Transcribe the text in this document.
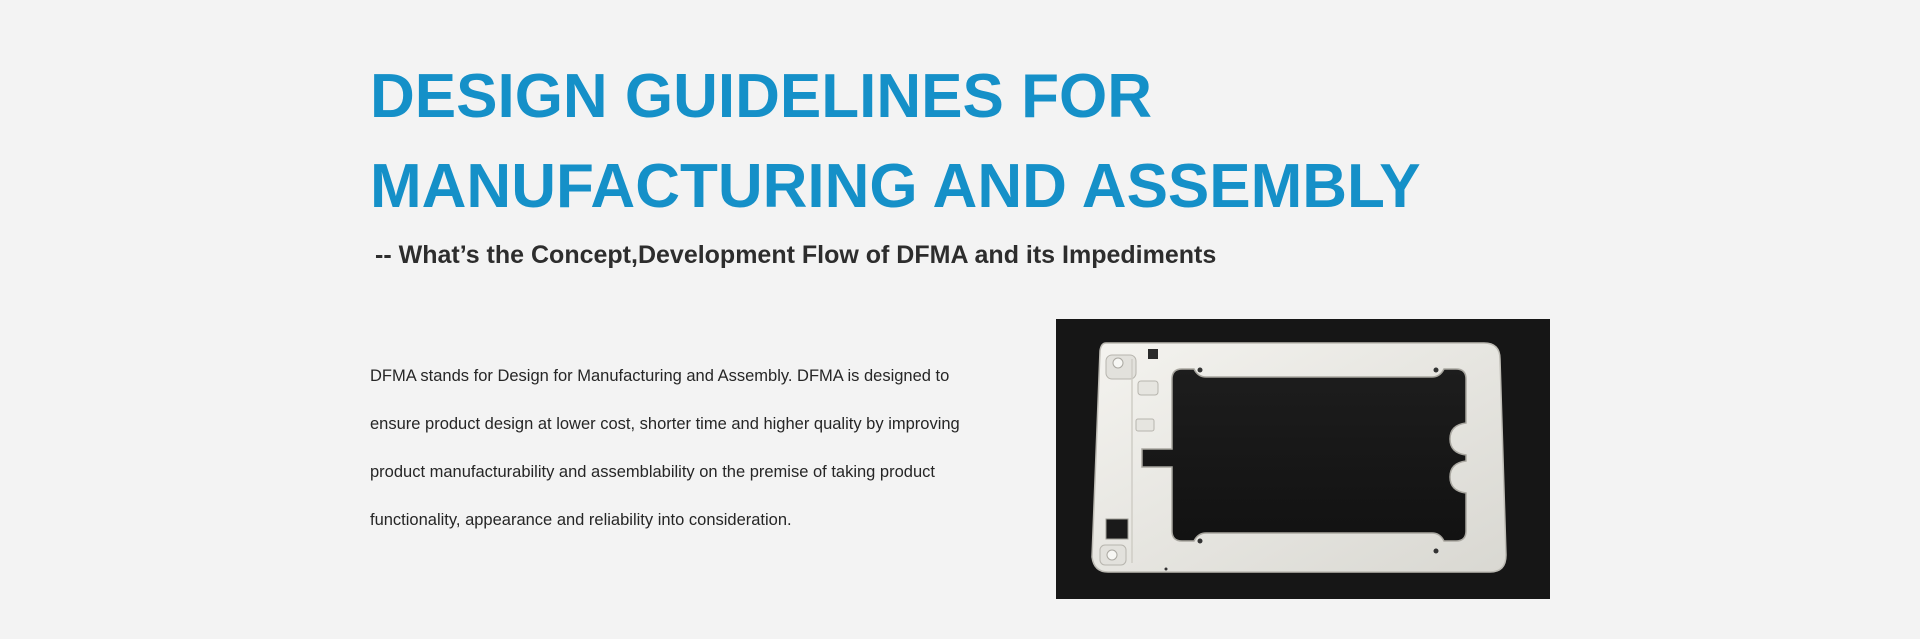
DESIGN GUIDELINES FOR
MANUFACTURING AND ASSEMBLY
-- What’s the Concept,Development Flow of DFMA and its Impediments
DFMA stands for Design for Manufacturing and Assembly. DFMA is designed to
ensure product design at lower cost, shorter time and higher quality by improving
product manufacturability and assemblability on the premise of taking product
functionality, appearance and reliability into consideration.
